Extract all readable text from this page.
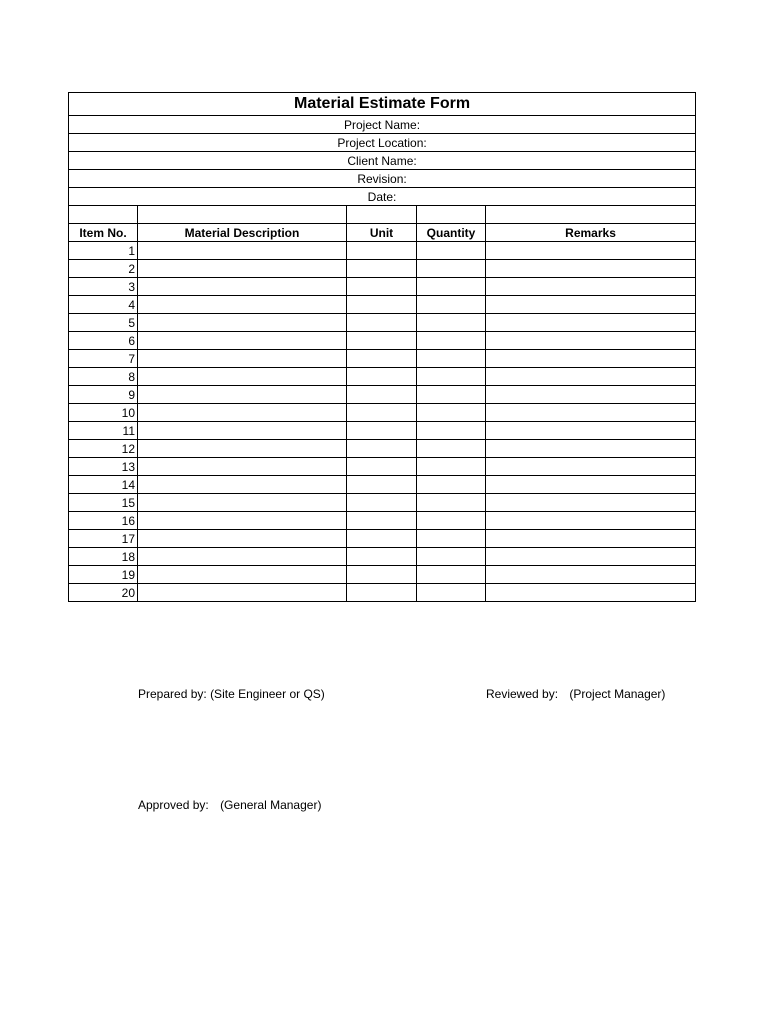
Material Estimate Form				
Project Name:				
Project Location:				
Client Name:				
Revision:				
Date:				

Item No.	Material Description	Unit	Quantity	Remarks
1				
2				
3				
4				
5				
6				
7				
8				
9				
10				
11				
12				
13				
14				
15				
16				
17				
18				
19				
20				
Prepared by: (Site Engineer or QS)	Reviewed by: (Project Manager)
Approved by: (General Manager)
